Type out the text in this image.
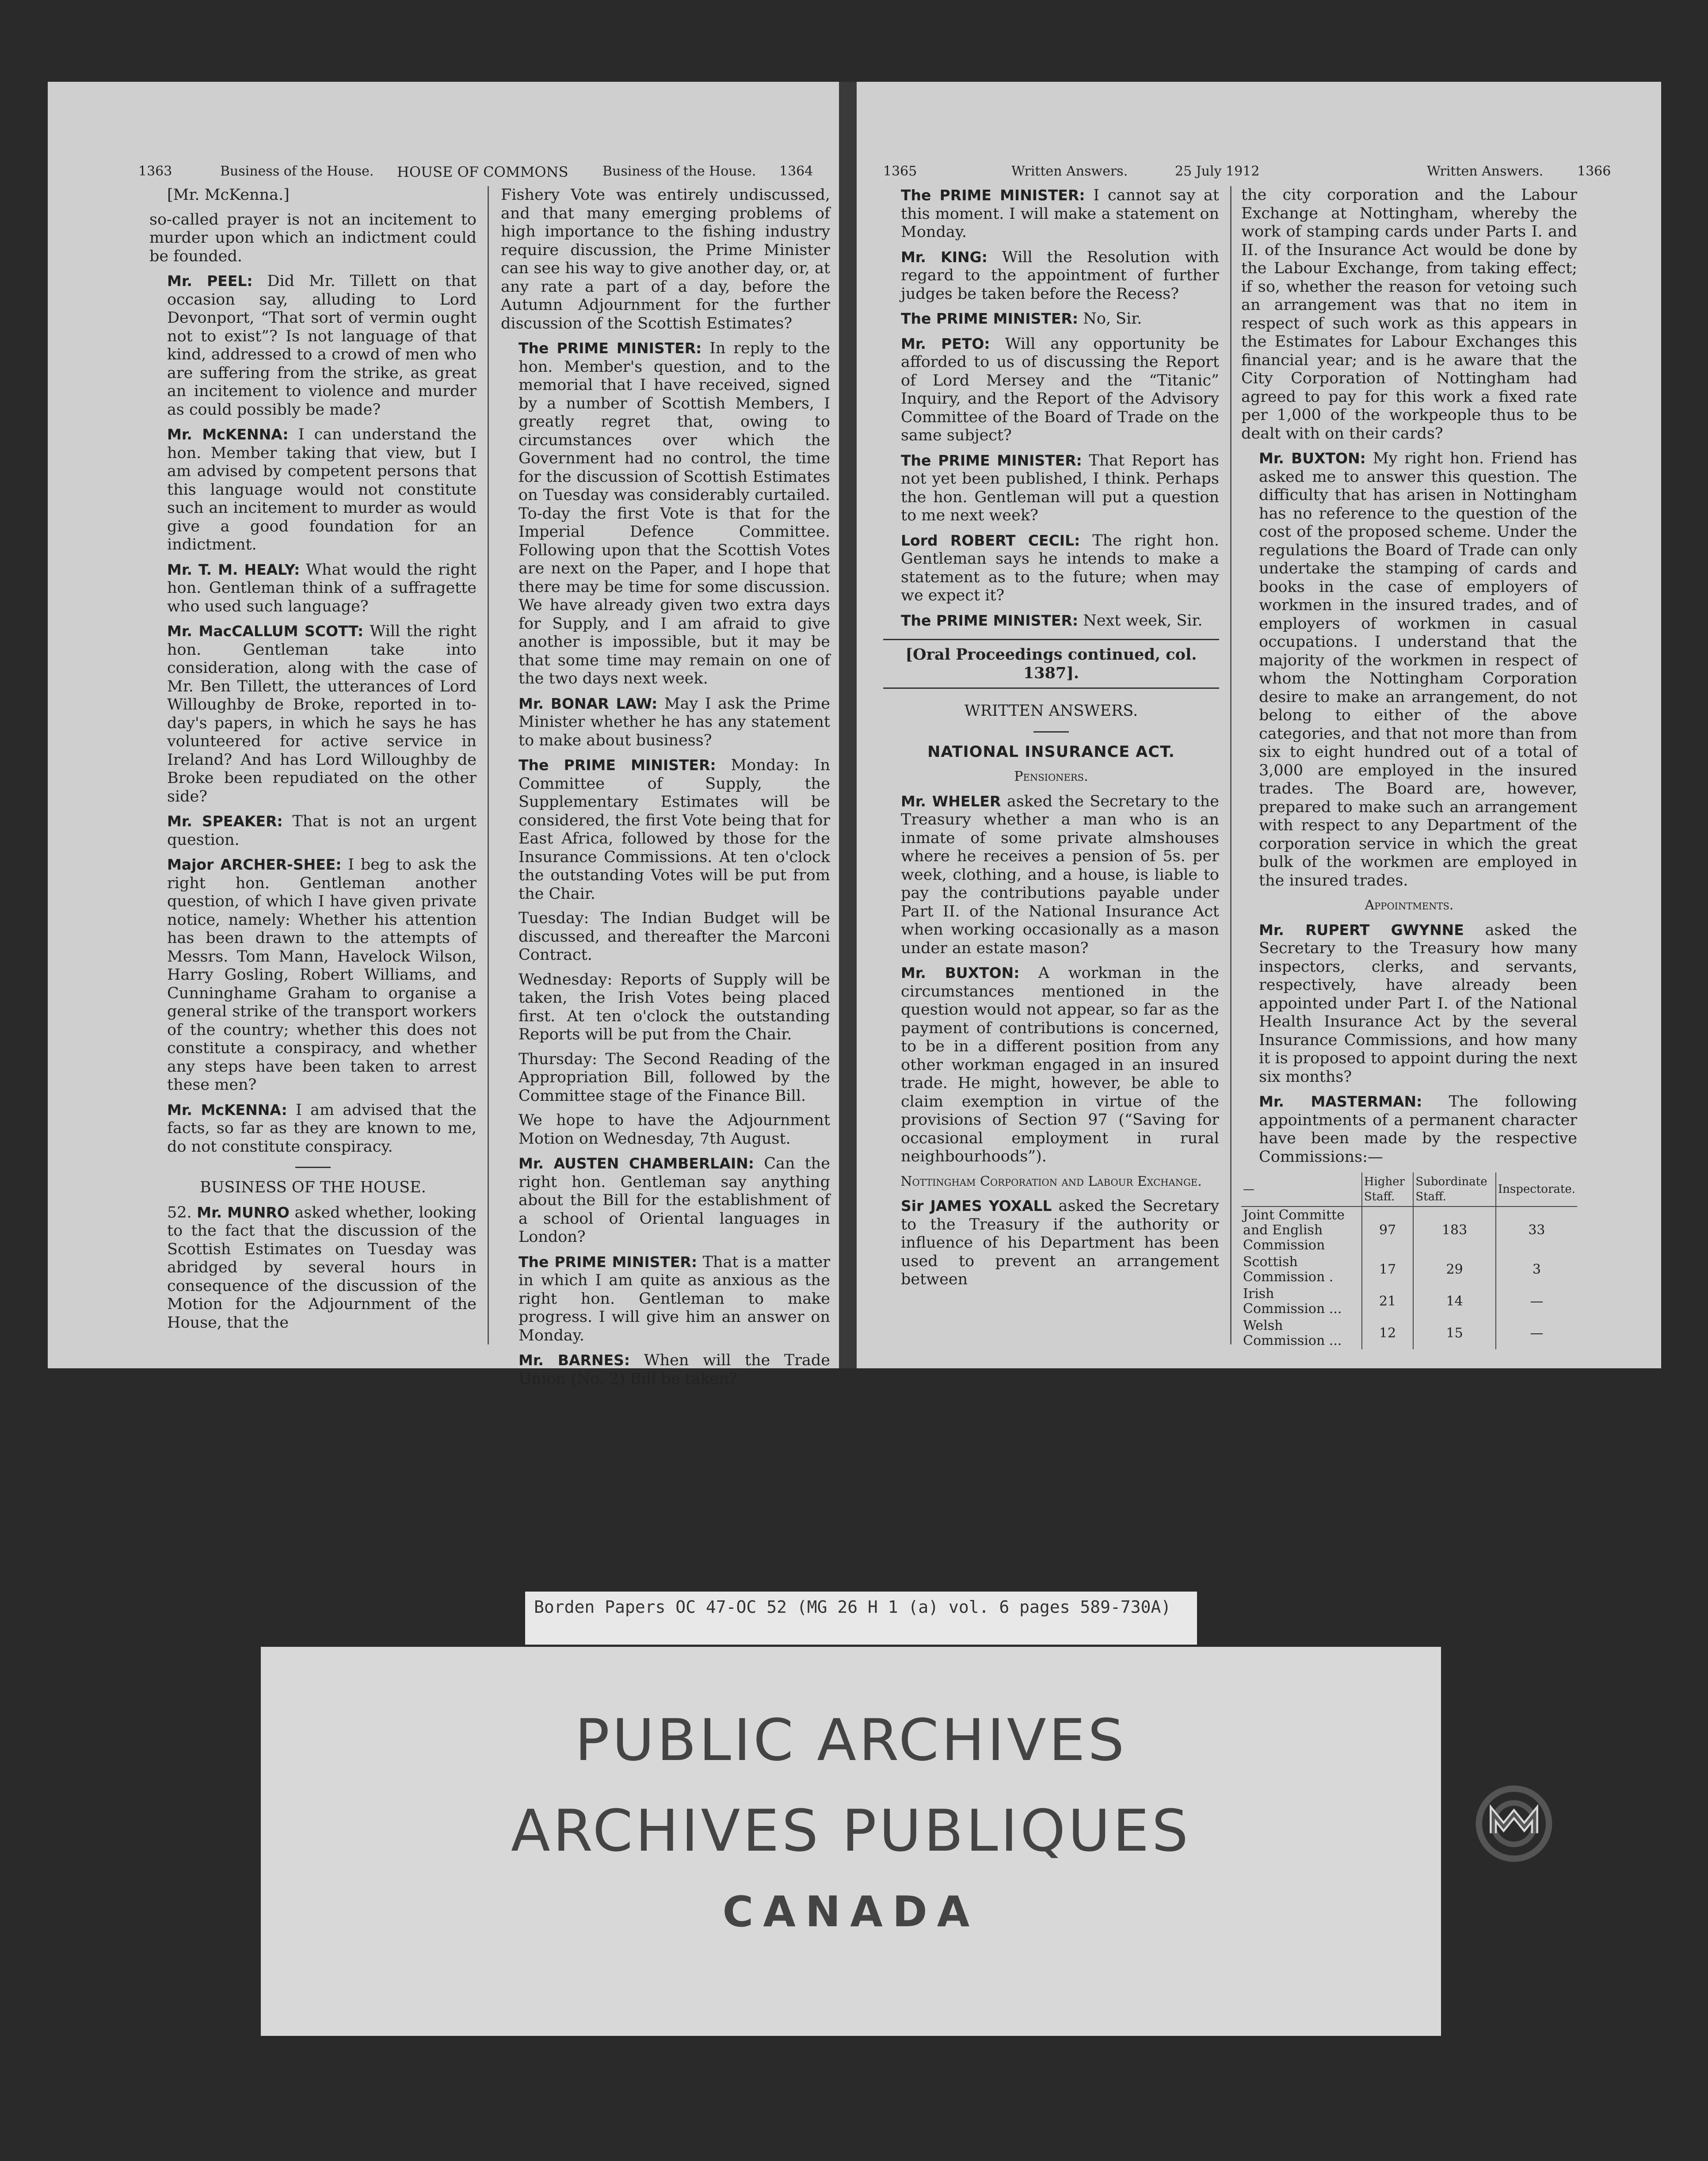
1363	Business of the House. HOUSE OF COMMONS	Business of the House. 1364

[Mr. McKenna.]

so-called prayer is not an incitement to murder upon which an indictment could be founded.

Mr. PEEL: Did Mr. Tillett on that occasion say, alluding to Lord Devonport, “That sort of vermin ought not to exist”? Is not language of that kind, addressed to a crowd of men who are suffering from the strike, as great an incitement to violence and murder as could possibly be made?

Mr. McKENNA: I can understand the hon. Member taking that view, but I am advised by competent persons that this language would not constitute such an incitement to murder as would give a good foundation for an indictment.

Mr. T. M. HEALY: What would the right hon. Gentleman think of a suffragette who used such language?

Mr. MacCALLUM SCOTT: Will the right hon. Gentleman take into consideration, along with the case of Mr. Ben Tillett, the utterances of Lord Willoughby de Broke, reported in to-day's papers, in which he says he has volunteered for active service in Ireland? And has Lord Willoughby de Broke been repudiated on the other side?

Mr. SPEAKER: That is not an urgent question.

Major ARCHER-SHEE: I beg to ask the right hon. Gentleman another question, of which I have given private notice, namely: Whether his attention has been drawn to the attempts of Messrs. Tom Mann, Havelock Wilson, Harry Gosling, Robert Williams, and Cunninghame Graham to organise a general strike of the transport workers of the country; whether this does not constitute a conspiracy, and whether any steps have been taken to arrest these men?

Mr. McKENNA: I am advised that the facts, so far as they are known to me, do not constitute conspiracy.

BUSINESS OF THE HOUSE.

52. Mr. MUNRO asked whether, looking to the fact that the discussion of the Scottish Estimates on Tuesday was abridged by several hours in consequence of the discussion of the Motion for the Adjournment of the House, that the

Fishery Vote was entirely undiscussed, and that many emerging problems of high importance to the fishing industry require discussion, the Prime Minister can see his way to give another day, or, at any rate a part of a day, before the Autumn Adjournment for the further discussion of the Scottish Estimates?

The PRIME MINISTER: In reply to the hon. Member's question, and to the memorial that I have received, signed by a number of Scottish Members, I greatly regret that, owing to circumstances over which the Government had no control, the time for the discussion of Scottish Estimates on Tuesday was considerably curtailed. To-day the first Vote is that for the Imperial Defence Committee. Following upon that the Scottish Votes are next on the Paper, and I hope that there may be time for some discussion. We have already given two extra days for Supply, and I am afraid to give another is impossible, but it may be that some time may remain on one of the two days next week.

Mr. BONAR LAW: May I ask the Prime Minister whether he has any statement to make about business?

The PRIME MINISTER: Monday: In Committee of Supply, the Supplementary Estimates will be considered, the first Vote being that for East Africa, followed by those for the Insurance Commissions. At ten o'clock the outstanding Votes will be put from the Chair.

Tuesday: The Indian Budget will be discussed, and thereafter the Marconi Contract.

Wednesday: Reports of Supply will be taken, the Irish Votes being placed first. At ten o'clock the outstanding Reports will be put from the Chair.

Thursday: The Second Reading of the Appropriation Bill, followed by the Committee stage of the Finance Bill.

We hope to have the Adjournment Motion on Wednesday, 7th August.

Mr. AUSTEN CHAMBERLAIN: Can the right hon. Gentleman say anything about the Bill for the establishment of a school of Oriental languages in London?

The PRIME MINISTER: That is a matter in which I am quite as anxious as the right hon. Gentleman to make progress. I will give him an answer on Monday.

Mr. BARNES: When will the Trade Union (No. 2) Bill be taken?

1365	Written Answers.	25 July 1912	Written Answers.	1366

The PRIME MINISTER: I cannot say at this moment. I will make a statement on Monday.

Mr. KING: Will the Resolution with regard to the appointment of further judges be taken before the Recess?

The PRIME MINISTER: No, Sir.

Mr. PETO: Will any opportunity be afforded to us of discussing the Report of Lord Mersey and the “Titanic” Inquiry, and the Report of the Advisory Committee of the Board of Trade on the same subject?

The PRIME MINISTER: That Report has not yet been published, I think. Perhaps the hon. Gentleman will put a question to me next week?

Lord ROBERT CECIL: The right hon. Gentleman says he intends to make a statement as to the future; when may we expect it?

The PRIME MINISTER: Next week, Sir.

[Oral Proceedings continued, col. 1387].

WRITTEN ANSWERS.

NATIONAL INSURANCE ACT.

Pensioners.

Mr. WHELER asked the Secretary to the Treasury whether a man who is an inmate of some private almshouses where he receives a pension of 5s. per week, clothing, and a house, is liable to pay the contributions payable under Part II. of the National Insurance Act when working occasionally as a mason under an estate mason?

Mr. BUXTON: A workman in the circumstances mentioned in the question would not appear, so far as the payment of contributions is concerned, to be in a different position from any other workman engaged in an insured trade. He might, however, be able to claim exemption in virtue of the provisions of Section 97 (“Saving for occasional employment in rural neighbourhoods”).

Nottingham Corporation and Labour Exchange.

Sir JAMES YOXALL asked the Secretary to the Treasury if the authority or influence of his Department has been used to prevent an arrangement between

the city corporation and the Labour Exchange at Nottingham, whereby the work of stamping cards under Parts I. and II. of the Insurance Act would be done by the Labour Exchange, from taking effect; if so, whether the reason for vetoing such an arrangement was that no item in respect of such work as this appears in the Estimates for Labour Exchanges this financial year; and is he aware that the City Corporation of Nottingham had agreed to pay for this work a fixed rate per 1,000 of the workpeople thus to be dealt with on their cards?

Mr. BUXTON: My right hon. Friend has asked me to answer this question. The difficulty that has arisen in Nottingham has no reference to the question of the cost of the proposed scheme. Under the regulations the Board of Trade can only undertake the stamping of cards and books in the case of employers of workmen in the insured trades, and of employers of workmen in casual occupations. I understand that the majority of the workmen in respect of whom the Nottingham Corporation desire to make an arrangement, do not belong to either of the above categories, and that not more than from six to eight hundred out of a total of 3,000 are employed in the insured trades. The Board are, however, prepared to make such an arrangement with respect to any Department of the corporation service in which the great bulk of the workmen are employed in the insured trades.

Appointments.

Mr. RUPERT GWYNNE asked the Secretary to the Treasury how many inspectors, clerks, and servants, respectively, have already been appointed under Part I. of the National Health Insurance Act by the several Insurance Commissions, and how many it is proposed to appoint during the next six months?

Mr. MASTERMAN: The following appointments of a permanent character have been made by the respective Commissions:—

—	Higher Staff.	Subordinate Staff.	Inspectorate.
Joint Committe and English Commission	97	183	33
Scottish Commission .	17	29	3
Irish Commission ...	21	14	—
Welsh Commission ...	12	15	—
Borden Papers OC 47-OC 52 (MG 26 H 1 (a) vol. 6 pages 589-730A)
PUBLIC ARCHIVES
ARCHIVES PUBLIQUES
CANADA
